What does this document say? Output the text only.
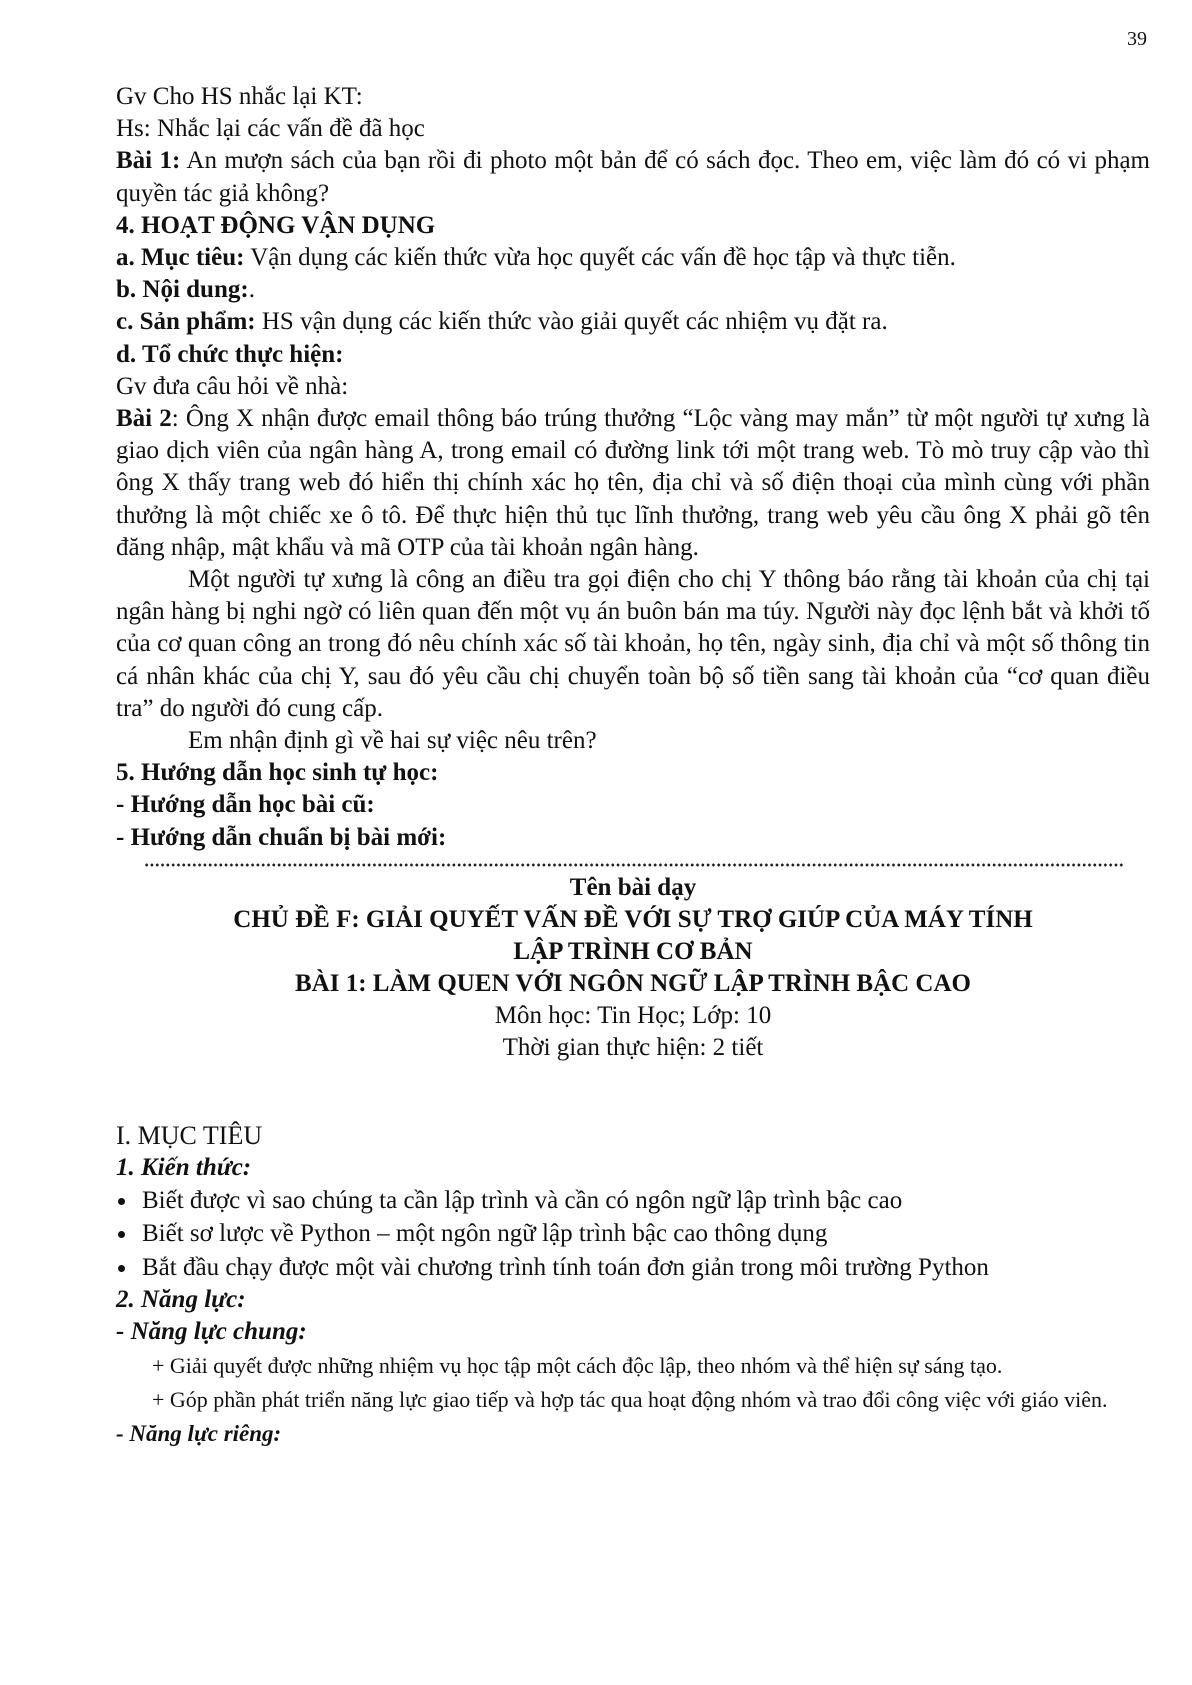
39

Gv Cho HS nhắc lại KT:

Hs: Nhắc lại các vấn đề đã học

Bài 1: An mượn sách của bạn rồi đi photo một bản để có sách đọc. Theo em, việc làm đó có vi phạm quyền tác giả không?

4. HOẠT ĐỘNG VẬN DỤNG

a. Mục tiêu: Vận dụng các kiến thức vừa học quyết các vấn đề học tập và thực tiễn.

b. Nội dung:.

c. Sản phẩm: HS vận dụng các kiến thức vào giải quyết các nhiệm vụ đặt ra.

d. Tổ chức thực hiện:

Gv đưa câu hỏi về nhà:

Bài 2: Ông X nhận được email thông báo trúng thưởng “Lộc vàng may mắn” từ một người tự xưng là giao dịch viên của ngân hàng A, trong email có đường link tới một trang web. Tò mò truy cập vào thì ông X thấy trang web đó hiển thị chính xác họ tên, địa chỉ và số điện thoại của mình cùng với phần thưởng là một chiếc xe ô tô. Để thực hiện thủ tục lĩnh thưởng, trang web yêu cầu ông X phải gõ tên đăng nhập, mật khẩu và mã OTP của tài khoản ngân hàng.

Một người tự xưng là công an điều tra gọi điện cho chị Y thông báo rằng tài khoản của chị tại ngân hàng bị nghi ngờ có liên quan đến một vụ án buôn bán ma túy. Người này đọc lệnh bắt và khởi tố của cơ quan công an trong đó nêu chính xác số tài khoản, họ tên, ngày sinh, địa chỉ và một số thông tin cá nhân khác của chị Y, sau đó yêu cầu chị chuyển toàn bộ số tiền sang tài khoản của “cơ quan điều tra” do người đó cung cấp.

Em nhận định gì về hai sự việc nêu trên?

5. Hướng dẫn học sinh tự học:

- Hướng dẫn học bài cũ:

- Hướng dẫn chuẩn bị bài mới:

Tên bài dạy

CHỦ ĐỀ F: GIẢI QUYẾT VẤN ĐỀ VỚI SỰ TRỢ GIÚP CỦA MÁY TÍNH

LẬP TRÌNH CƠ BẢN

BÀI 1: LÀM QUEN VỚI NGÔN NGỮ LẬP TRÌNH BẬC CAO

Môn học: Tin Học; Lớp: 10

Thời gian thực hiện: 2 tiết

I. MỤC TIÊU

1. Kiến thức:

Biết được vì sao chúng ta cần lập trình và cần có ngôn ngữ lập trình bậc cao
Biết sơ lược về Python – một ngôn ngữ lập trình bậc cao thông dụng
Bắt đầu chạy được một vài chương trình tính toán đơn giản trong môi trường Python

2. Năng lực:

- Năng lực chung:

+ Giải quyết được những nhiệm vụ học tập một cách độc lập, theo nhóm và thể hiện sự sáng tạo.

+ Góp phần phát triển năng lực giao tiếp và hợp tác qua hoạt động nhóm và trao đổi công việc với giáo viên.

- Năng lực riêng:
